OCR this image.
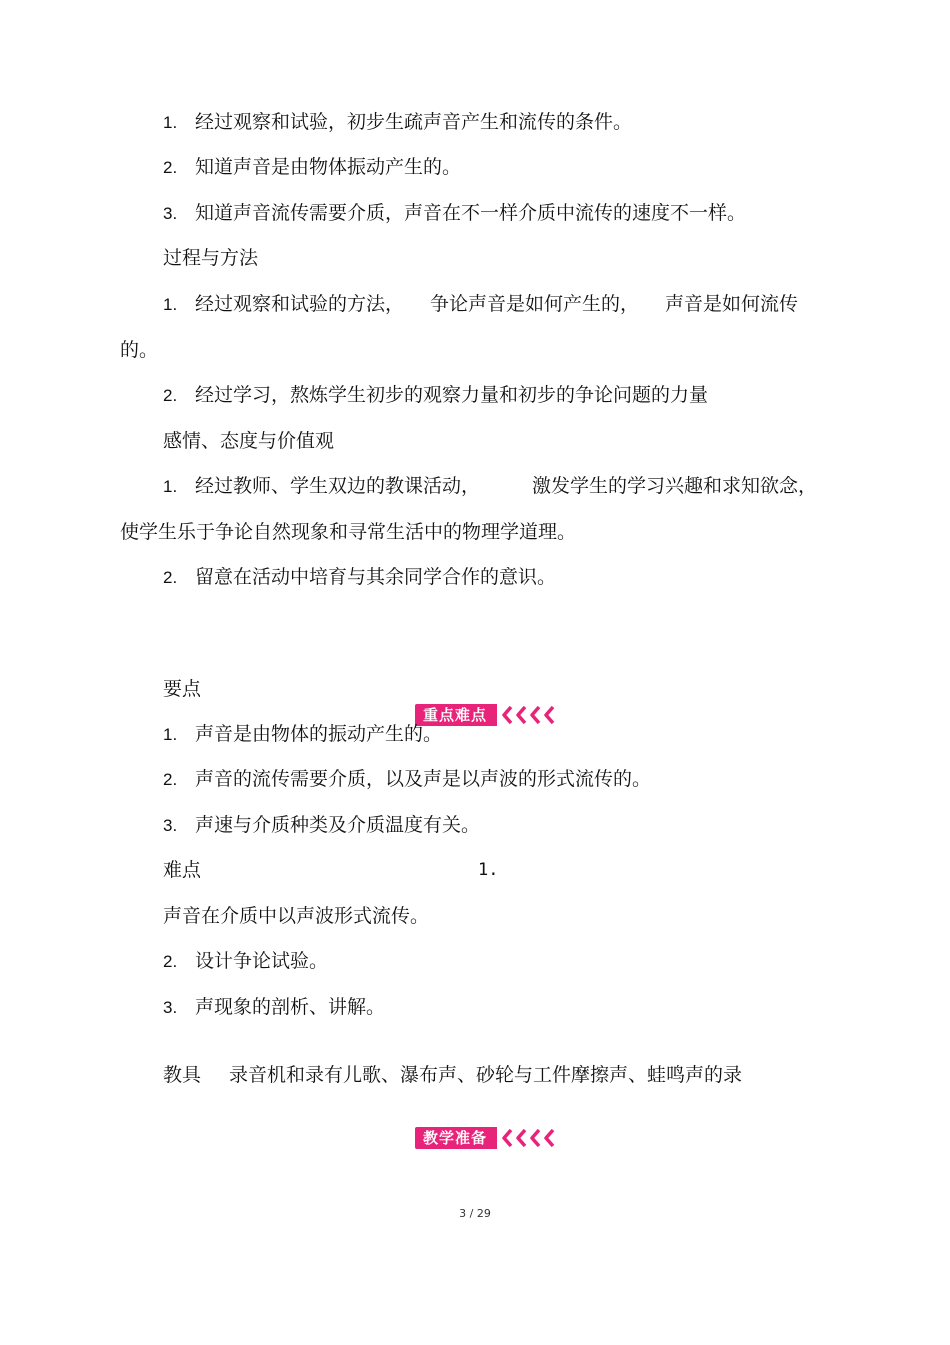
1. 经过观察和试验，初步生疏声音产生和流传的条件。
2. 知道声音是由物体振动产生的。
3. 知道声音流传需要介质，声音在不一样介质中流传的速度不一样。
过程与方法
1. 经过观察和试验的方法， 争论声音是如何产生的， 声音是如何流传
的。
2. 经过学习，熬炼学生初步的观察力量和初步的争论问题的力量
感情、态度与价值观
1. 经过教师、学生双边的教课活动，	激发学生的学习兴趣和求知欲念，
使学生乐于争论自然现象和寻常生活中的物理学道理。
2. 留意在活动中培育与其余同学合作的意识。
要点
重点难点
1. 声音是由物体的振动产生的。
2. 声音的流传需要介质，以及声是以声波的形式流传的。
3. 声速与介质种类及介质温度有关。
难点	1.
声音在介质中以声波形式流传。
2. 设计争论试验。
3. 声现象的剖析、讲解。
教具 录音机和录有儿歌、瀑布声、砂轮与工件摩擦声、蛙鸣声的录
教学准备
3 / 29
